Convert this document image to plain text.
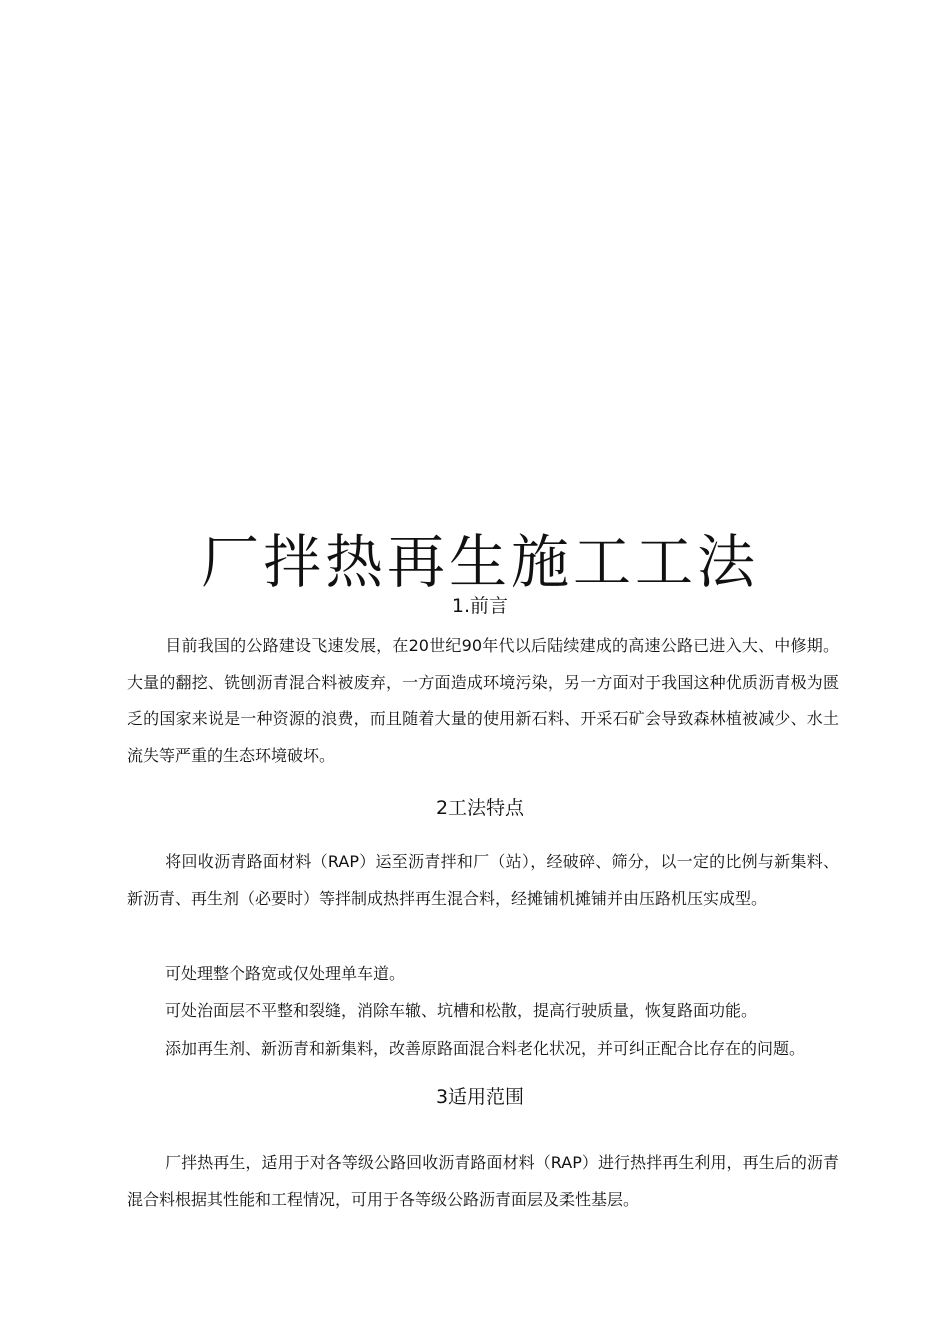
厂拌热再生施工工法
1.前言

目前我国的公路建设飞速发展，在20世纪90年代以后陆续建成的高速公路已进入大、中修期。大量的翻挖、铣刨沥青混合料被废弃，一方面造成环境污染，另一方面对于我国这种优质沥青极为匮乏的国家来说是一种资源的浪费，而且随着大量的使用新石料、开采石矿会导致森林植被减少、水土流失等严重的生态环境破坏。

2工法特点

将回收沥青路面材料（RAP）运至沥青拌和厂（站），经破碎、筛分，以一定的比例与新集料、新沥青、再生剂（必要时）等拌制成热拌再生混合料，经摊铺机摊铺并由压路机压实成型。

可处理整个路宽或仅处理单车道。

可处治面层不平整和裂缝，消除车辙、坑槽和松散，提高行驶质量，恢复路面功能。

添加再生剂、新沥青和新集料，改善原路面混合料老化状况，并可纠正配合比存在的问题。

3适用范围

厂拌热再生，适用于对各等级公路回收沥青路面材料（RAP）进行热拌再生利用，再生后的沥青混合料根据其性能和工程情况，可用于各等级公路沥青面层及柔性基层。
